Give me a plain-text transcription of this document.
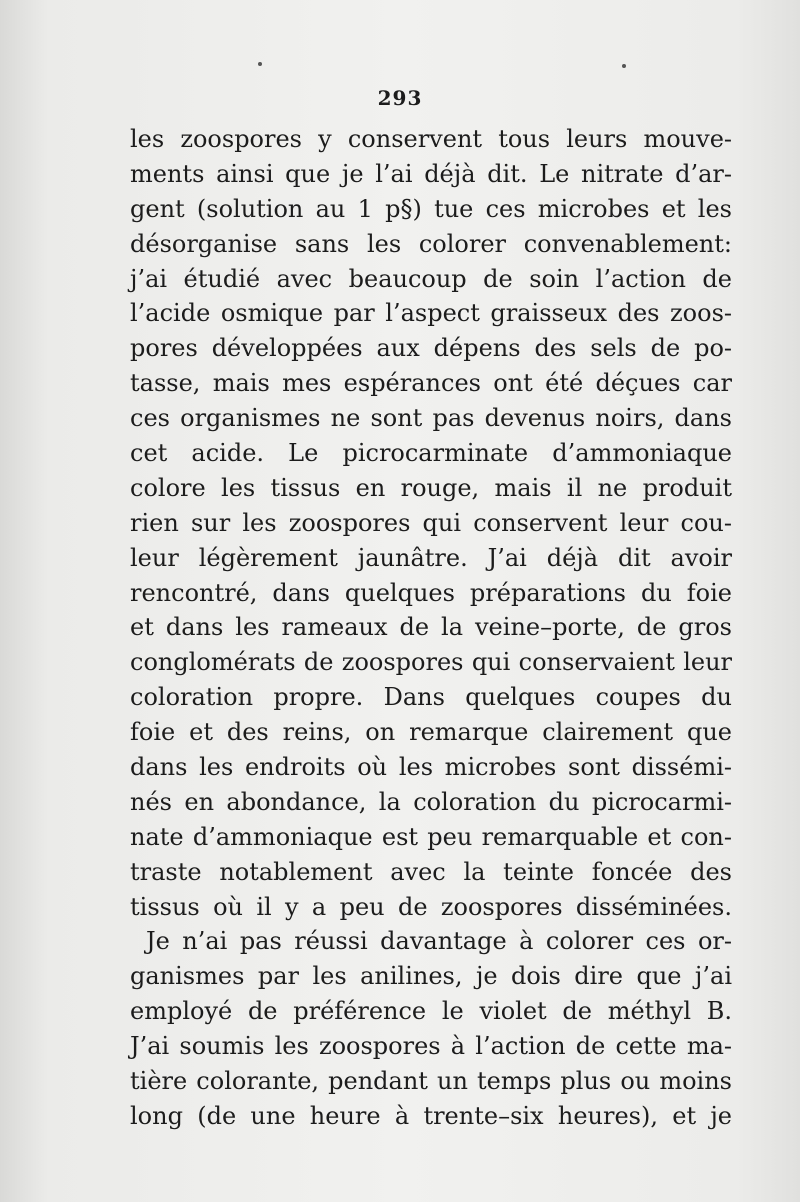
293
les zoospores y conservent tous leurs mouve-
ments ainsi que je l’ai déjà dit. Le nitrate d’ar-
gent (solution au 1 p§) tue ces microbes et les
désorganise sans les colorer convenablement:
j’ai étudié avec beaucoup de soin l’action de
l’acide osmique par l’aspect graisseux des zoos-
pores développées aux dépens des sels de po-
tasse, mais mes espérances ont été déçues car
ces organismes ne sont pas devenus noirs, dans
cet acide. Le picrocarminate d’ammoniaque
colore les tissus en rouge, mais il ne produit
rien sur les zoospores qui conservent leur cou-
leur légèrement jaunâtre. J’ai déjà dit avoir
rencontré, dans quelques préparations du foie
et dans les rameaux de la veine–porte, de gros
conglomérats de zoospores qui conservaient leur
coloration propre. Dans quelques coupes du
foie et des reins, on remarque clairement que
dans les endroits où les microbes sont dissémi-
nés en abondance, la coloration du picrocarmi-
nate d’ammoniaque est peu remarquable et con-
traste notablement avec la teinte foncée des
tissus où il y a peu de zoospores disséminées.
Je n’ai pas réussi davantage à colorer ces or-
ganismes par les anilines, je dois dire que j’ai
employé de préférence le violet de méthyl B.
J’ai soumis les zoospores à l’action de cette ma-
tière colorante, pendant un temps plus ou moins
long (de une heure à trente–six heures), et je
